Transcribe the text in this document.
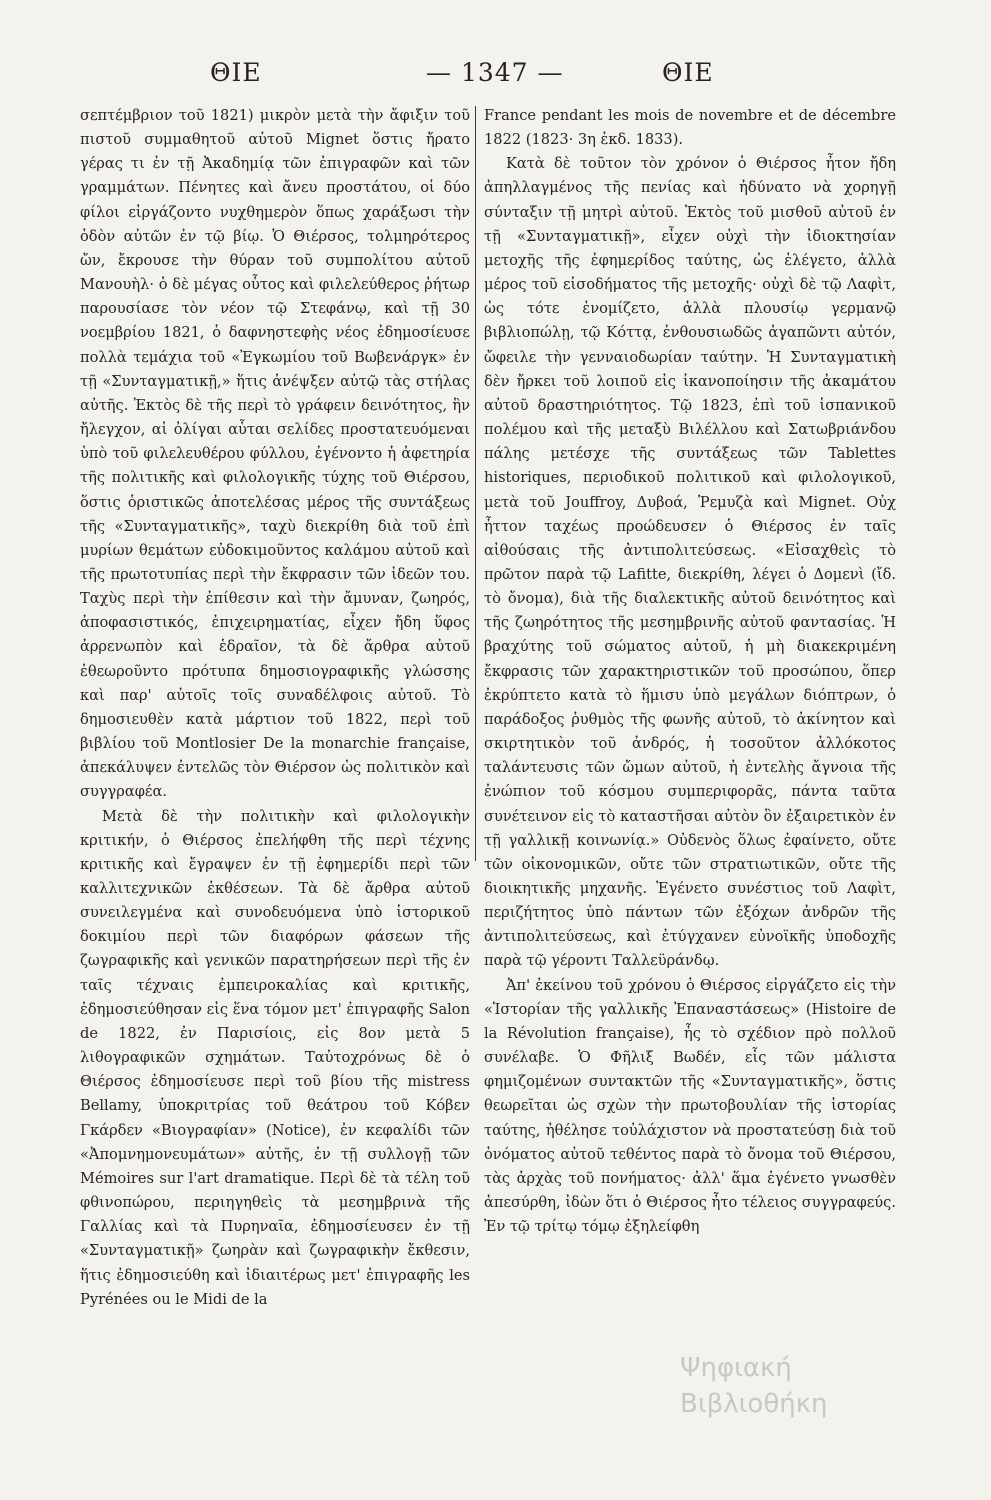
ΘΙΕ	— 1347 —	ΘΙΕ

σεπτέμβριον τοῦ 1821) μικρὸν μετὰ τὴν ἄφιξιν τοῦ πιστοῦ συμμαθητοῦ αὐτοῦ Mignet ὅστις ἤρατο γέρας τι ἐν τῇ Ἀκαδημίᾳ τῶν ἐπιγραφῶν καὶ τῶν γραμμάτων. Πένητες καὶ ἄνευ προστάτου, οἱ δύο φίλοι εἰργάζοντο νυχθημερὸν ὅπως χαράξωσι τὴν ὁδὸν αὐτῶν ἐν τῷ βίῳ. Ὁ Θιέρσος, τολμηρότερος ὤν, ἔκρουσε τὴν θύραν τοῦ συμπολίτου αὐτοῦ Μανουὴλ· ὁ δὲ μέγας οὗτος καὶ φιλελεύθερος ῥήτωρ παρουσίασε τὸν νέον τῷ Στεφάνῳ, καὶ τῇ 30 νοεμβρίου 1821, ὁ δαφνηστεφὴς νέος ἐδημοσίευσε πολλὰ τεμάχια τοῦ «Ἐγκωμίου τοῦ Βωβενάργκ» ἐν τῇ «Συνταγματικῇ,» ἥτις ἀνέψξεν αὐτῷ τὰς στήλας αὐτῆς. Ἐκτὸς δὲ τῆς περὶ τὸ γράφειν δεινότητος, ἣν ἤλεγχον, αἱ ὀλίγαι αὗται σελίδες προστατευόμεναι ὑπὸ τοῦ φιλελευθέρου φύλλου, ἐγένοντο ἡ ἀφετηρία τῆς πολιτικῆς καὶ φιλολογικῆς τύχης τοῦ Θιέρσου, ὅστις ὁριστικῶς ἀποτελέσας μέρος τῆς συντάξεως τῆς «Συνταγματικῆς», ταχὺ διεκρίθη διὰ τοῦ ἐπὶ μυρίων θεμάτων εὐδοκιμοῦντος καλάμου αὐτοῦ καὶ τῆς πρωτοτυπίας περὶ τὴν ἔκφρασιν τῶν ἰδεῶν του. Ταχὺς περὶ τὴν ἐπίθεσιν καὶ τὴν ἄμυναν, ζωηρός, ἀποφασιστικός, ἐπιχειρηματίας, εἶχεν ἤδη ὕφος ἀρρενωπὸν καὶ ἑδραῖον, τὰ δὲ ἄρθρα αὐτοῦ ἐθεωροῦντο πρότυπα δημοσιογραφικῆς γλώσσης καὶ παρ' αὐτοῖς τοῖς συναδέλφοις αὐτοῦ. Τὸ δημοσιευθὲν κατὰ μάρτιον τοῦ 1822, περὶ τοῦ βιβλίου τοῦ Montlosier De la monarchie française, ἀπεκάλυψεν ἐντελῶς τὸν Θιέρσον ὡς πολιτικὸν καὶ συγγραφέα.

Μετὰ δὲ τὴν πολιτικὴν καὶ φιλολογικὴν κριτικήν, ὁ Θιέρσος ἐπελήφθη τῆς περὶ τέχνης κριτικῆς καὶ ἔγραψεν ἐν τῇ ἐφημερίδι περὶ τῶν καλλιτεχνικῶν ἐκθέσεων. Τὰ δὲ ἄρθρα αὐτοῦ συνειλεγμένα καὶ συνοδευόμενα ὑπὸ ἱστορικοῦ δοκιμίου περὶ τῶν διαφόρων φάσεων τῆς ζωγραφικῆς καὶ γενικῶν παρατηρήσεων περὶ τῆς ἐν ταῖς τέχναις ἐμπειροκαλίας καὶ κριτικῆς, ἐδημοσιεύθησαν εἰς ἕνα τόμον μετ' ἐπιγραφῆς Salon de 1822, ἐν Παρισίοις, εἰς 8ον μετὰ 5 λιθογραφικῶν σχημάτων. Ταὐτοχρόνως δὲ ὁ Θιέρσος ἐδημοσίευσε περὶ τοῦ βίου τῆς mistress Bellamy, ὑποκριτρίας τοῦ θεάτρου τοῦ Κόβεν Γκάρδεν «Βιογραφίαν» (Notice), ἐν κεφαλίδι τῶν «Ἀπομνημονευμάτων» αὐτῆς, ἐν τῇ συλλογῇ τῶν Mémoires sur l'art dramatique. Περὶ δὲ τὰ τέλη τοῦ φθινοπώρου, περιηγηθεὶς τὰ μεσημβρινὰ τῆς Γαλλίας καὶ τὰ Πυρηναῖα, ἐδημοσίευσεν ἐν τῇ «Συνταγματικῇ» ζωηρὰν καὶ ζωγραφικὴν ἔκθεσιν, ἥτις ἐδημοσιεύθη καὶ ἰδιαιτέρως μετ' ἐπιγραφῆς les Pyrénées ou le Midi de la

France pendant les mois de novembre et de décembre 1822 (1823· 3η ἐκδ. 1833).

Κατὰ δὲ τοῦτον τὸν χρόνον ὁ Θιέρσος ἦτον ἤδη ἀπηλλαγμένος τῆς πενίας καὶ ἠδύνατο νὰ χορηγῇ σύνταξιν τῇ μητρὶ αὐτοῦ. Ἐκτὸς τοῦ μισθοῦ αὐτοῦ ἐν τῇ «Συνταγματικῇ», εἶχεν οὐχὶ τὴν ἰδιοκτησίαν μετοχῆς τῆς ἐφημερίδος ταύτης, ὡς ἐλέγετο, ἀλλὰ μέρος τοῦ εἰσοδήματος τῆς μετοχῆς· οὐχὶ δὲ τῷ Λαφὶτ, ὡς τότε ἐνομίζετο, ἀλλὰ πλουσίῳ γερμανῷ βιβλιοπώλῃ, τῷ Κόττᾳ, ἐνθουσιωδῶς ἀγαπῶντι αὐτόν, ὤφειλε τὴν γενναιοδωρίαν ταύτην. Ἡ Συνταγματικὴ δὲν ἤρκει τοῦ λοιποῦ εἰς ἱκανοποίησιν τῆς ἀκαμάτου αὐτοῦ δραστηριότητος. Τῷ 1823, ἐπὶ τοῦ ἱσπανικοῦ πολέμου καὶ τῆς μεταξὺ Βιλέλλου καὶ Σατωβριάνδου πάλης μετέσχε τῆς συντάξεως τῶν Tablettes historiques, περιοδικοῦ πολιτικοῦ καὶ φιλολογικοῦ, μετὰ τοῦ Jouffroy, Δυβοά, Ῥεμυζὰ καὶ Mignet. Οὐχ ἧττον ταχέως προώδευσεν ὁ Θιέρσος ἐν ταῖς αἰθούσαις τῆς ἀντιπολιτεύσεως. «Εἰσαχθεὶς τὸ πρῶτον παρὰ τῷ Lafitte, διεκρίθη, λέγει ὁ Δομενὶ (ἴδ. τὸ ὄνομα), διὰ τῆς διαλεκτικῆς αὐτοῦ δεινότητος καὶ τῆς ζωηρότητος τῆς μεσημβρινῆς αὐτοῦ φαντασίας. Ἡ βραχύτης τοῦ σώματος αὐτοῦ, ἡ μὴ διακεκριμένη ἔκφρασις τῶν χαρακτηριστικῶν τοῦ προσώπου, ὅπερ ἐκρύπτετο κατὰ τὸ ἥμισυ ὑπὸ μεγάλων διόπτρων, ὁ παράδοξος ῥυθμὸς τῆς φωνῆς αὐτοῦ, τὸ ἀκίνητον καὶ σκιρτητικὸν τοῦ ἀνδρός, ἡ τοσοῦτον ἀλλόκοτος ταλάντευσις τῶν ὤμων αὐτοῦ, ἡ ἐντελὴς ἄγνοια τῆς ἐνώπιον τοῦ κόσμου συμπεριφορᾶς, πάντα ταῦτα συνέτεινον εἰς τὸ καταστῆσαι αὐτὸν ὃν ἐξαιρετικὸν ἐν τῇ γαλλικῇ κοινωνίᾳ.» Οὐδενὸς ὅλως ἐφαίνετο, οὔτε τῶν οἰκονομικῶν, οὔτε τῶν στρατιωτικῶν, οὔτε τῆς διοικητικῆς μηχανῆς. Ἐγένετο συνέστιος τοῦ Λαφὶτ, περιζήτητος ὑπὸ πάντων τῶν ἐξόχων ἀνδρῶν τῆς ἀντιπολιτεύσεως, καὶ ἐτύγχανεν εὐνοϊκῆς ὑποδοχῆς παρὰ τῷ γέροντι Ταλλεϋράνδῳ.

Ἀπ' ἐκείνου τοῦ χρόνου ὁ Θιέρσος εἰργάζετο εἰς τὴν «Ἱστορίαν τῆς γαλλικῆς Ἐπαναστάσεως» (Histoire de la Révolution française), ἧς τὸ σχέδιον πρὸ πολλοῦ συνέλαβε. Ὁ Φῆλιξ Βωδέν, εἷς τῶν μάλιστα φημιζομένων συντακτῶν τῆς «Συνταγματικῆς», ὅστις θεωρεῖται ὡς σχὼν τὴν πρωτοβουλίαν τῆς ἱστορίας ταύτης, ἠθέλησε τοὐλάχιστον νὰ προστατεύσῃ διὰ τοῦ ὀνόματος αὐτοῦ τεθέντος παρὰ τὸ ὄνομα τοῦ Θιέρσου, τὰς ἀρχὰς τοῦ πονήματος· ἀλλ' ἅμα ἐγένετο γνωσθὲν ἀπεσύρθη, ἰδὼν ὅτι ὁ Θιέρσος ἦτο τέλειος συγγραφεύς. Ἐν τῷ τρίτῳ τόμῳ ἐξηλείφθη

Ψηφιακή
Βιβλιοθήκη
